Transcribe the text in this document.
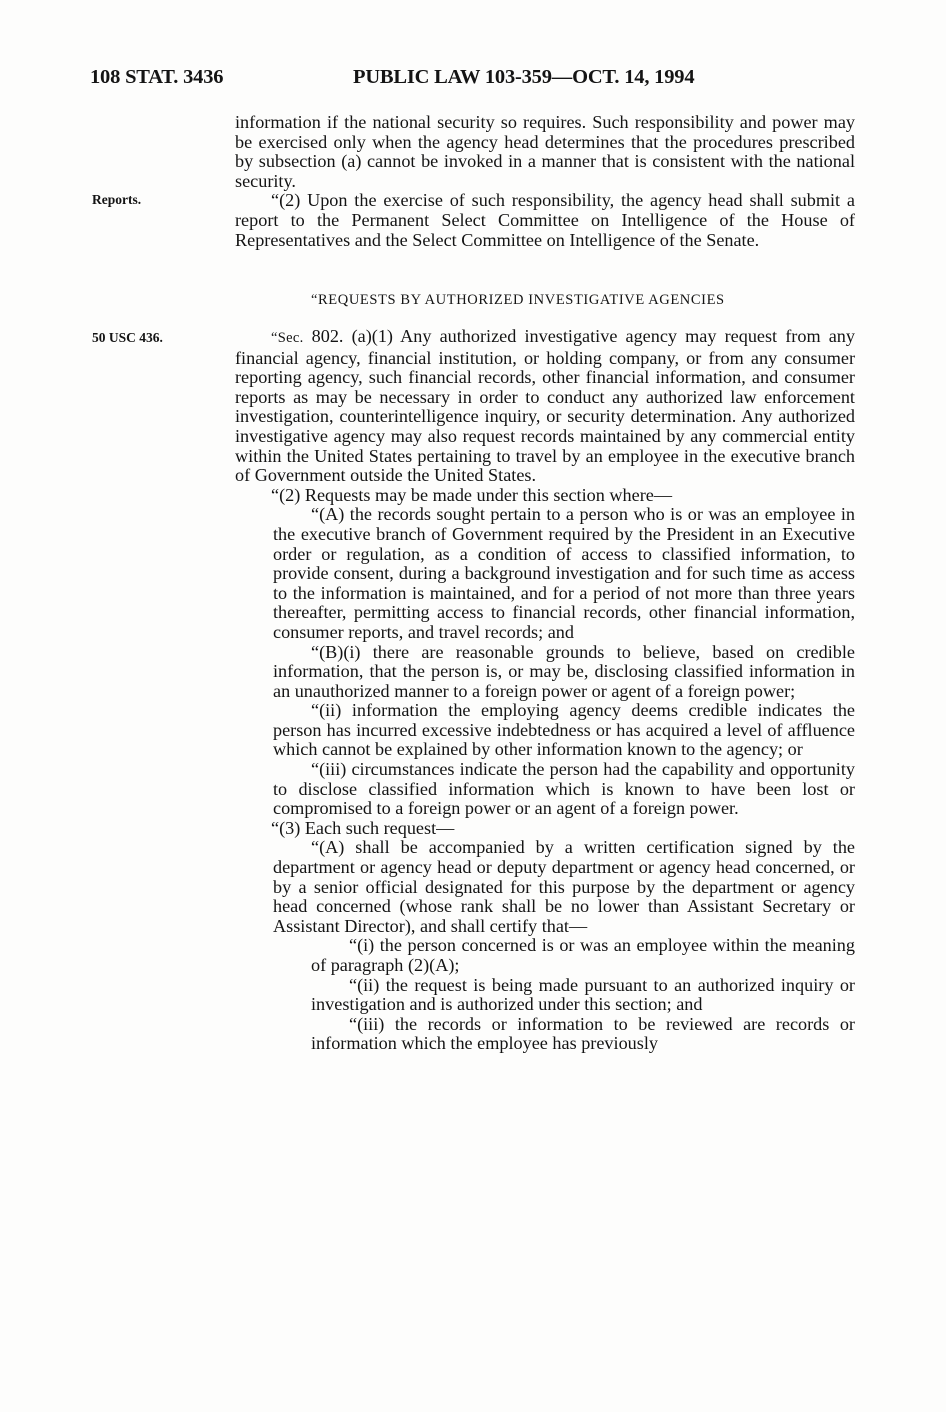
108 STAT. 3436	PUBLIC LAW 103-359—OCT. 14, 1994
Reports.
50 USC 436.

information if the national security so requires. Such responsibility and power may be exercised only when the agency head determines that the procedures prescribed by subsection (a) cannot be invoked in a manner that is consistent with the national security.

“(2) Upon the exercise of such responsibility, the agency head shall submit a report to the Permanent Select Committee on Intelligence of the House of Representatives and the Select Committee on Intelligence of the Senate.

“REQUESTS BY AUTHORIZED INVESTIGATIVE AGENCIES

“Sec. 802. (a)(1) Any authorized investigative agency may request from any financial agency, financial institution, or holding company, or from any consumer reporting agency, such financial records, other financial information, and consumer reports as may be necessary in order to conduct any authorized law enforcement investigation, counterintelligence inquiry, or security determination. Any authorized investigative agency may also request records maintained by any commercial entity within the United States pertaining to travel by an employee in the executive branch of Government outside the United States.

“(2) Requests may be made under this section where—

“(A) the records sought pertain to a person who is or was an employee in the executive branch of Government required by the President in an Executive order or regulation, as a condition of access to classified information, to provide consent, during a background investigation and for such time as access to the information is maintained, and for a period of not more than three years thereafter, permitting access to financial records, other financial information, consumer reports, and travel records; and

“(B)(i) there are reasonable grounds to believe, based on credible information, that the person is, or may be, disclosing classified information in an unauthorized manner to a foreign power or agent of a foreign power;

“(ii) information the employing agency deems credible indicates the person has incurred excessive indebtedness or has acquired a level of affluence which cannot be explained by other information known to the agency; or

“(iii) circumstances indicate the person had the capability and opportunity to disclose classified information which is known to have been lost or compromised to a foreign power or an agent of a foreign power.

“(3) Each such request—

“(A) shall be accompanied by a written certification signed by the department or agency head or deputy department or agency head concerned, or by a senior official designated for this purpose by the department or agency head concerned (whose rank shall be no lower than Assistant Secretary or Assistant Director), and shall certify that—

“(i) the person concerned is or was an employee within the meaning of paragraph (2)(A);

“(ii) the request is being made pursuant to an authorized inquiry or investigation and is authorized under this section; and

“(iii) the records or information to be reviewed are records or information which the employee has previously
